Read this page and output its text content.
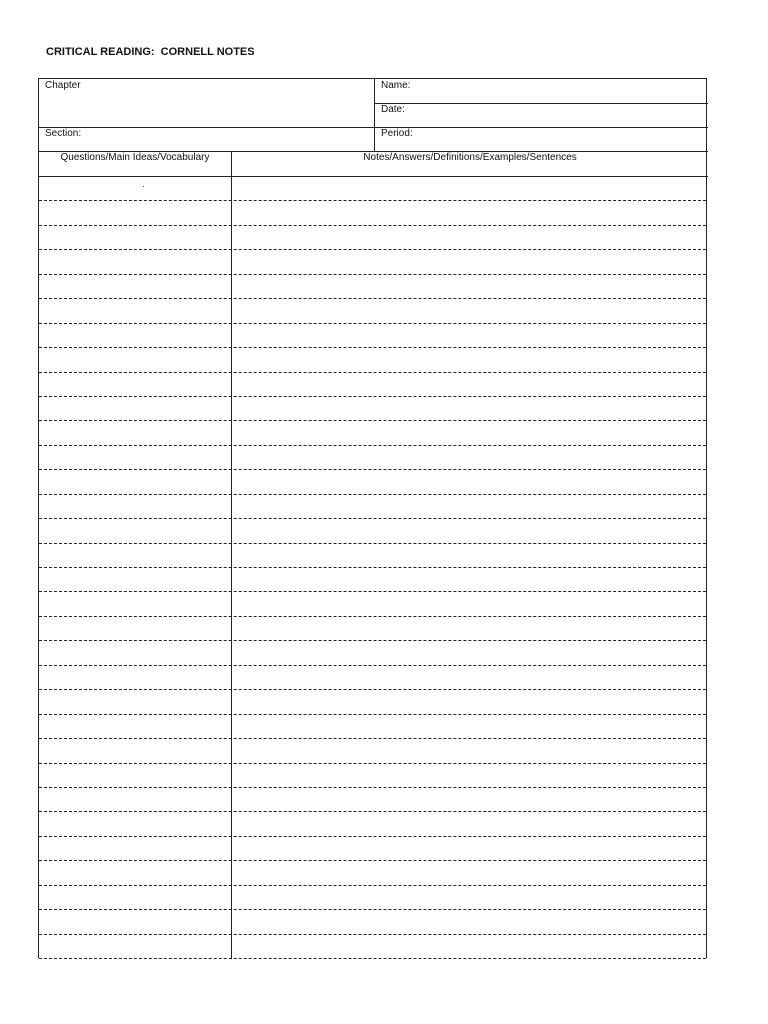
CRITICAL READING:  CORNELL NOTES
Chapter	Name:
Date:
Section:	Period:
Questions/Main Ideas/Vocabulary	Notes/Answers/Definitions/Examples/Sentences
